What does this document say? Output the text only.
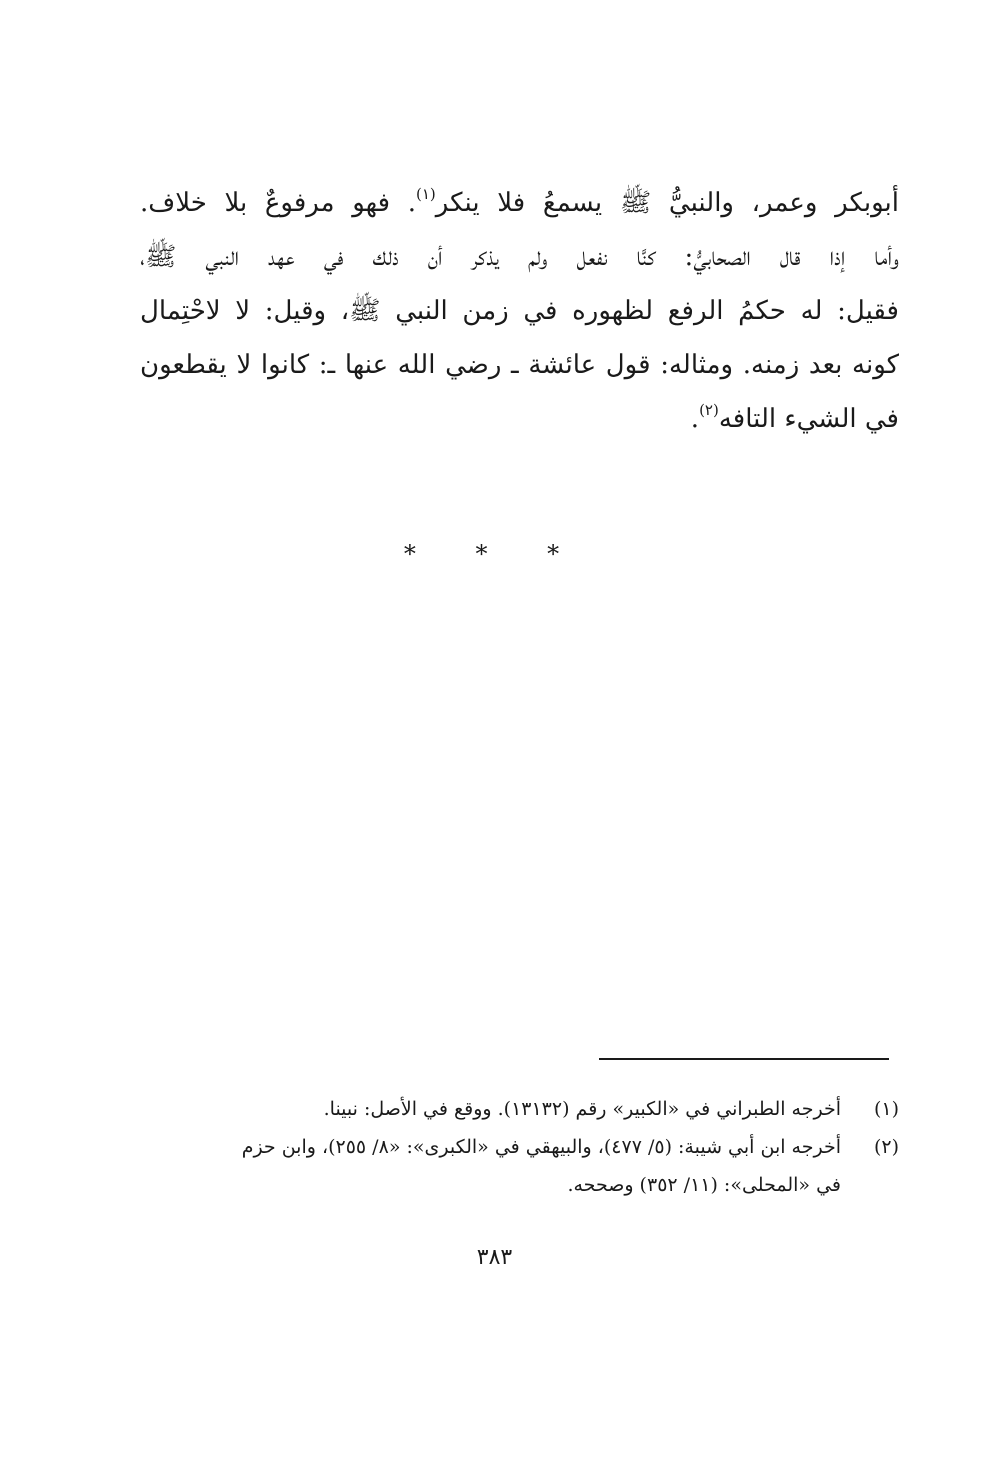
أبوبكر وعمر، والنبيُّ ﷺ يسمعُ فلا ينكر$^{(١)}$. فهو مرفوعٌ بلا خلاف.
وأما إذا قال الصحابيُّ: كنَّا نفعل ولم يذكر أن ذلك في عهد النبي ﷺ،
فقيل: له حكمُ الرفع لظهوره في زمن النبي ﷺ، وقيل: لا لاحْتِمال
كونه بعد زمنه. ومثاله: قول عائشة ـ رضي الله عنها ـ: كانوا لا يقطعون
في الشيء التافه$^{(٢)}$.
* * *
(١)
أخرجه الطبراني في «الكبير» رقم (١٣١٣٢). ووقع في الأصل: نبينا.
(٢)
أخرجه ابن أبي شيبة: (٥/ ٤٧٧)، والبيهقي في «الكبرى»: «٨/ ٢٥٥)، وابن حزم
في «المحلى»: (١١/ ٣٥٢) وصححه.
٣٨٣
